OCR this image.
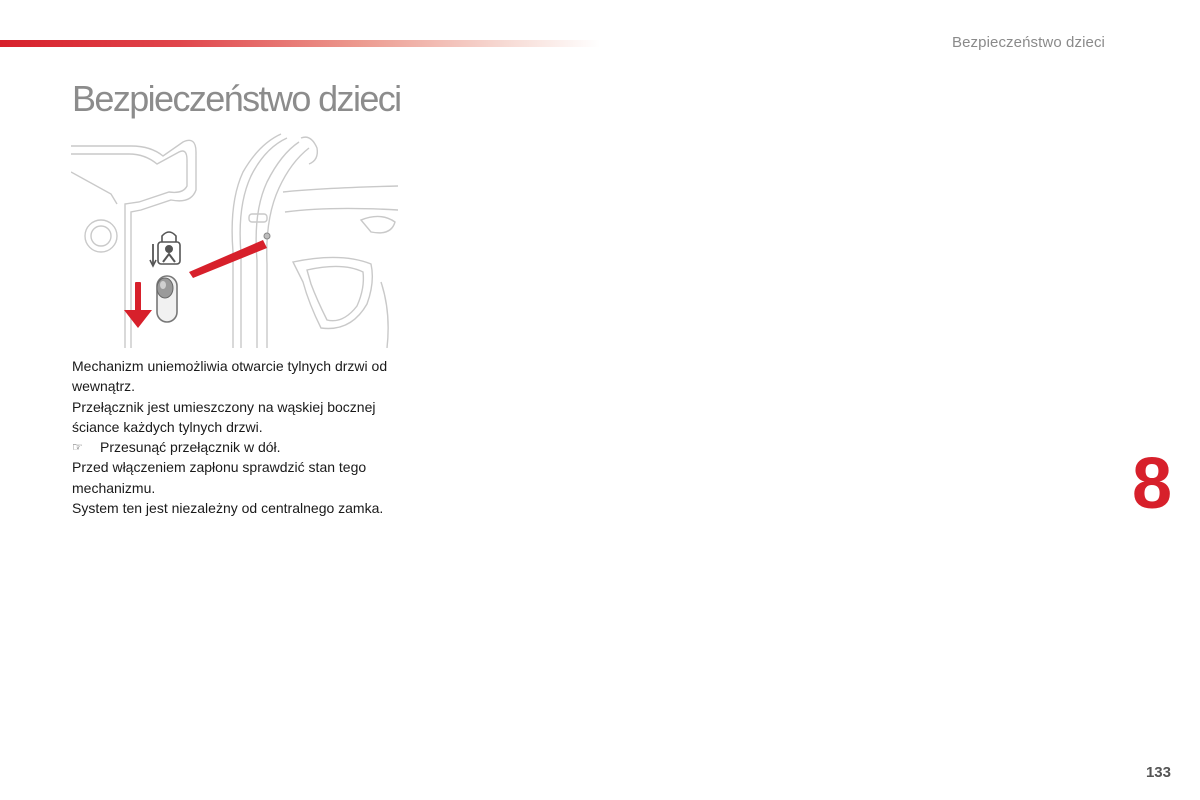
Bezpieczeństwo dzieci
Bezpieczeństwo dzieci

Mechanizm uniemożliwia otwarcie tylnych drzwi od wewnątrz.

Przełącznik jest umieszczony na wąskiej bocznej ściance każdych tylnych drzwi.

☞	Przesunąć przełącznik w dół.

Przed włączeniem zapłonu sprawdzić stan tego mechanizmu.

System ten jest niezależny od centralnego zamka.	8
133
